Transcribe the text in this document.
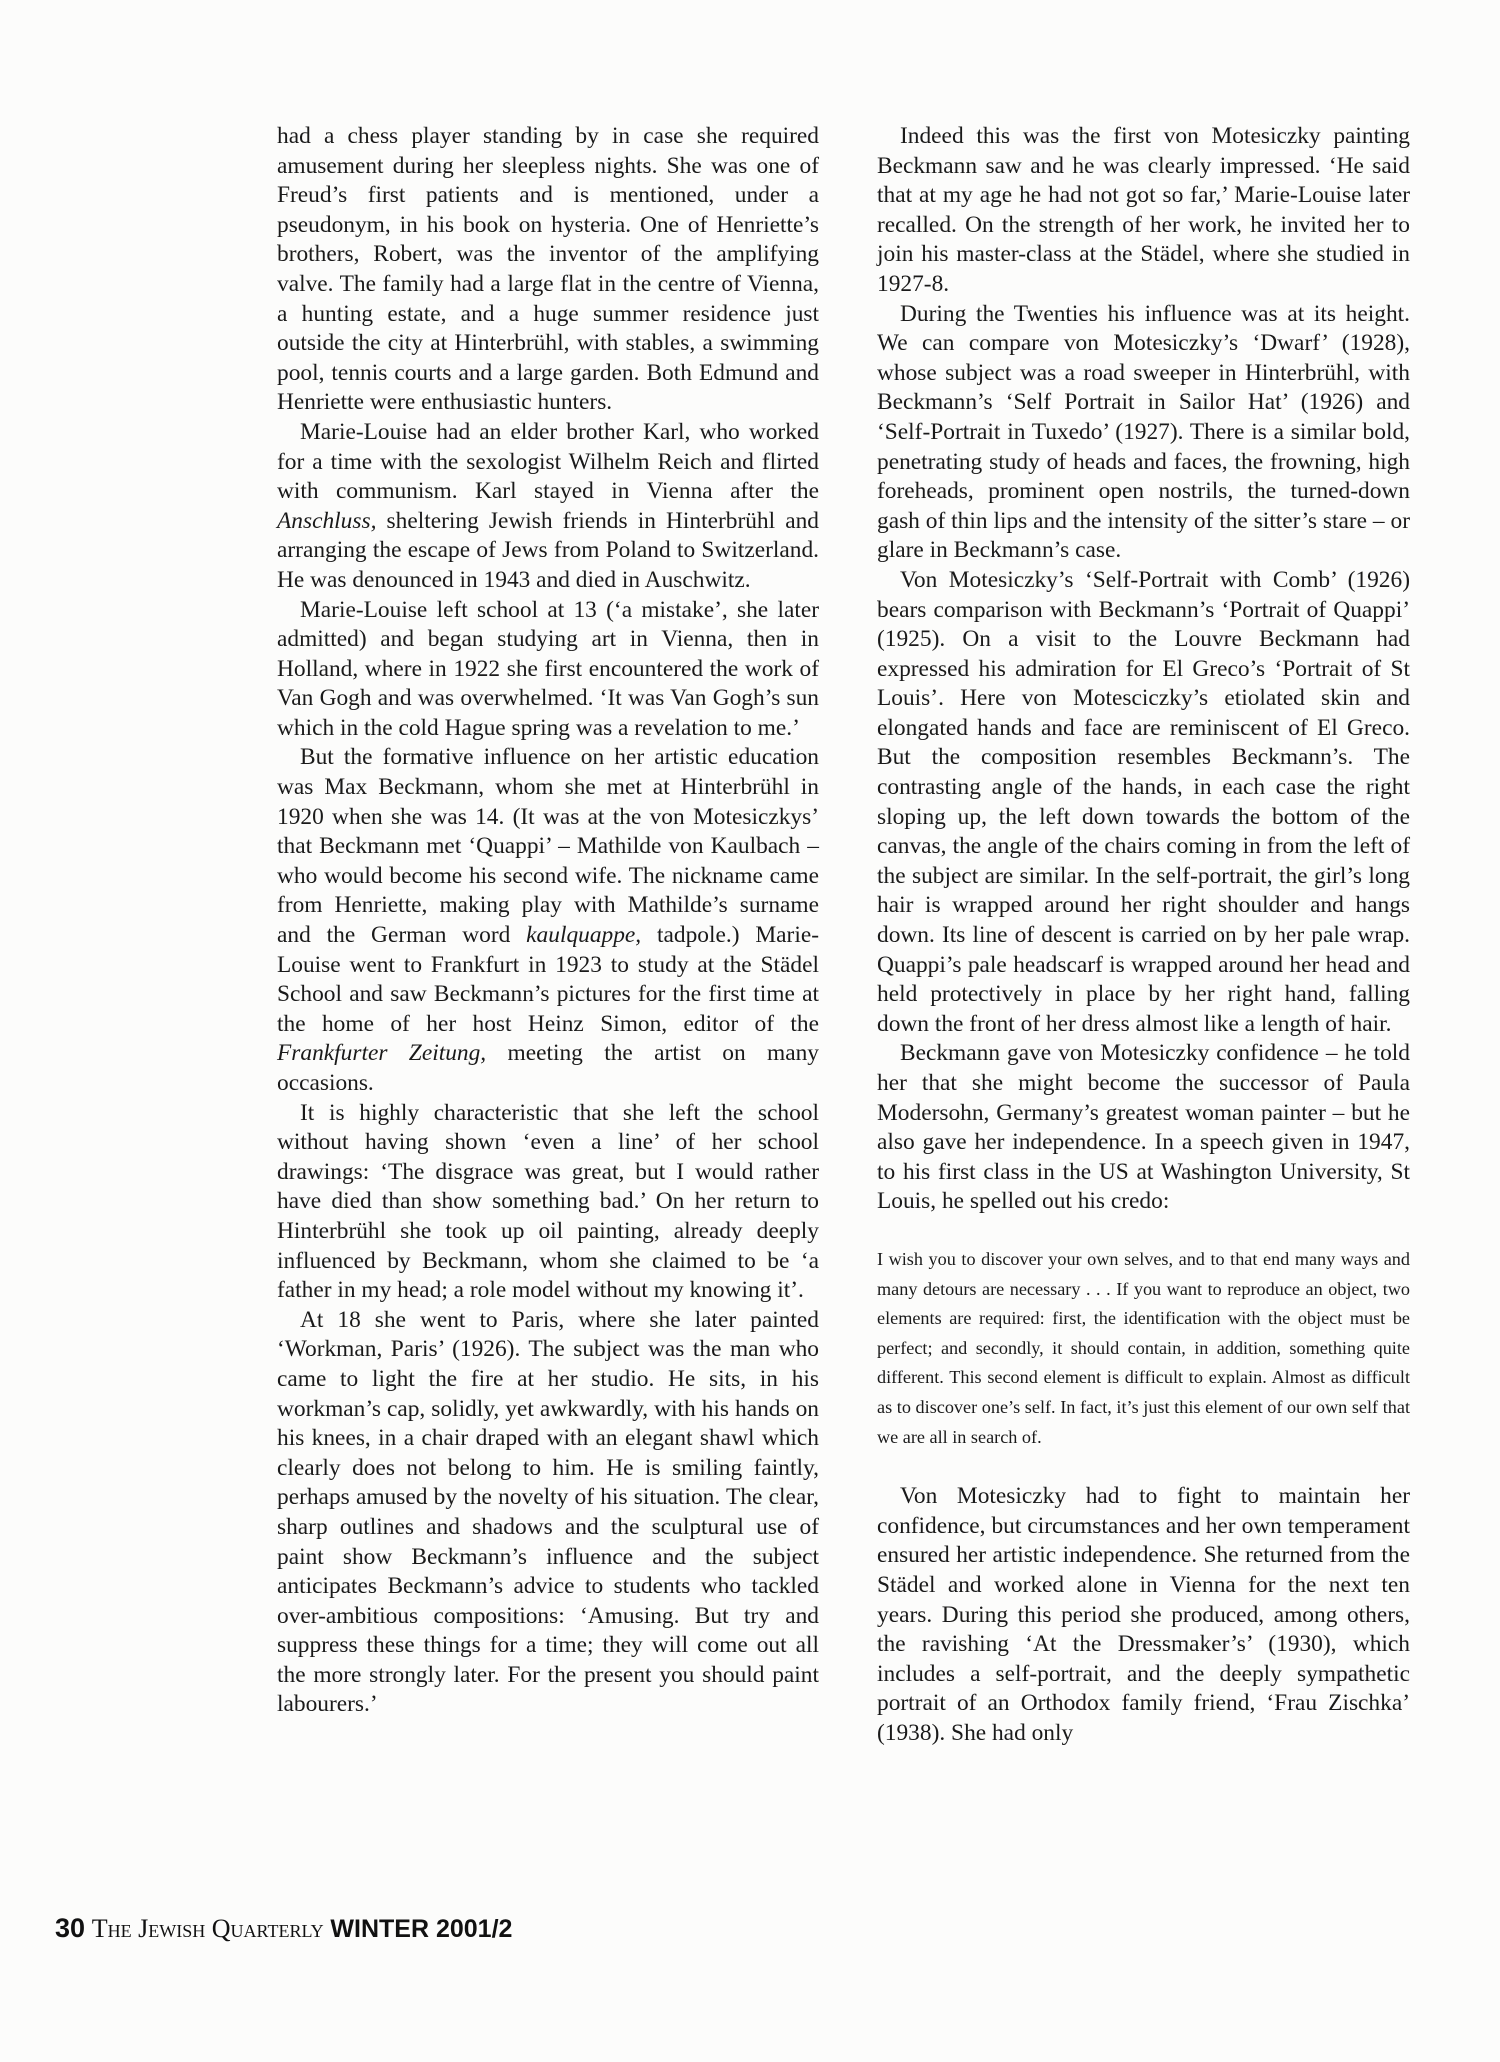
had a chess player standing by in case she required amusement during her sleepless nights. She was one of Freud’s first patients and is mentioned, under a pseudonym, in his book on hysteria. One of Henriette’s brothers, Robert, was the inventor of the amplifying valve. The family had a large flat in the centre of Vienna, a hunting estate, and a huge summer residence just outside the city at Hinterbrühl, with stables, a swimming pool, tennis courts and a large garden. Both Edmund and Henriette were enthusiastic hunters.

Marie-Louise had an elder brother Karl, who worked for a time with the sexologist Wilhelm Reich and flirted with communism. Karl stayed in Vienna after the Anschluss, sheltering Jewish friends in Hinterbrühl and arranging the escape of Jews from Poland to Switzerland. He was denounced in 1943 and died in Auschwitz.

Marie-Louise left school at 13 (‘a mistake’, she later admitted) and began studying art in Vienna, then in Holland, where in 1922 she first encountered the work of Van Gogh and was overwhelmed. ‘It was Van Gogh’s sun which in the cold Hague spring was a revelation to me.’

But the formative influence on her artistic education was Max Beckmann, whom she met at Hinterbrühl in 1920 when she was 14. (It was at the von Motesiczkys’ that Beckmann met ‘Quappi’ – Mathilde von Kaulbach – who would become his second wife. The nickname came from Henriette, making play with Mathilde’s surname and the German word kaulquappe, tadpole.) Marie-Louise went to Frankfurt in 1923 to study at the Städel School and saw Beckmann’s pictures for the first time at the home of her host Heinz Simon, editor of the Frankfurter Zeitung, meeting the artist on many occasions.

It is highly characteristic that she left the school without having shown ‘even a line’ of her school drawings: ‘The disgrace was great, but I would rather have died than show something bad.’ On her return to Hinterbrühl she took up oil painting, already deeply influenced by Beckmann, whom she claimed to be ‘a father in my head; a role model without my knowing it’.

At 18 she went to Paris, where she later painted ‘Workman, Paris’ (1926). The subject was the man who came to light the fire at her studio. He sits, in his workman’s cap, solidly, yet awkwardly, with his hands on his knees, in a chair draped with an elegant shawl which clearly does not belong to him. He is smiling faintly, perhaps amused by the novelty of his situation. The clear, sharp outlines and shadows and the sculptural use of paint show Beckmann’s influence and the subject anticipates Beckmann’s advice to students who tackled over-ambitious compositions: ‘Amusing. But try and suppress these things for a time; they will come out all the more strongly later. For the present you should paint labourers.’

Indeed this was the first von Motesiczky painting Beckmann saw and he was clearly impressed. ‘He said that at my age he had not got so far,’ Marie-Louise later recalled. On the strength of her work, he invited her to join his master-class at the Städel, where she studied in 1927-8.

During the Twenties his influence was at its height. We can compare von Motesiczky’s ‘Dwarf’ (1928), whose subject was a road sweeper in Hinterbrühl, with Beckmann’s ‘Self Portrait in Sailor Hat’ (1926) and ‘Self-Portrait in Tuxedo’ (1927). There is a similar bold, penetrating study of heads and faces, the frowning, high foreheads, prominent open nostrils, the turned-down gash of thin lips and the intensity of the sitter’s stare – or glare in Beckmann’s case.

Von Motesiczky’s ‘Self-Portrait with Comb’ (1926) bears comparison with Beckmann’s ‘Portrait of Quappi’ (1925). On a visit to the Louvre Beckmann had expressed his admiration for El Greco’s ‘Portrait of St Louis’. Here von Motesciczky’s etiolated skin and elongated hands and face are reminiscent of El Greco. But the composition resembles Beckmann’s. The contrasting angle of the hands, in each case the right sloping up, the left down towards the bottom of the canvas, the angle of the chairs coming in from the left of the subject are similar. In the self-portrait, the girl’s long hair is wrapped around her right shoulder and hangs down. Its line of descent is carried on by her pale wrap. Quappi’s pale headscarf is wrapped around her head and held protectively in place by her right hand, falling down the front of her dress almost like a length of hair.

Beckmann gave von Motesiczky confidence – he told her that she might become the successor of Paula Modersohn, Germany’s greatest woman painter – but he also gave her independence. In a speech given in 1947, to his first class in the US at Washington University, St Louis, he spelled out his credo:

I wish you to discover your own selves, and to that end many ways and many detours are necessary . . . If you want to reproduce an object, two elements are required: first, the identification with the object must be perfect; and secondly, it should contain, in addition, something quite different. This second element is difficult to explain. Almost as difficult as to discover one’s self. In fact, it’s just this element of our own self that we are all in search of.

Von Motesiczky had to fight to maintain her confidence, but circumstances and her own temperament ensured her artistic independence. She returned from the Städel and worked alone in Vienna for the next ten years. During this period she produced, among others, the ravishing ‘At the Dressmaker’s’ (1930), which includes a self-portrait, and the deeply sympathetic portrait of an Orthodox family friend, ‘Frau Zischka’ (1938). She had only

30 The Jewish Quarterly WINTER 2001/2
